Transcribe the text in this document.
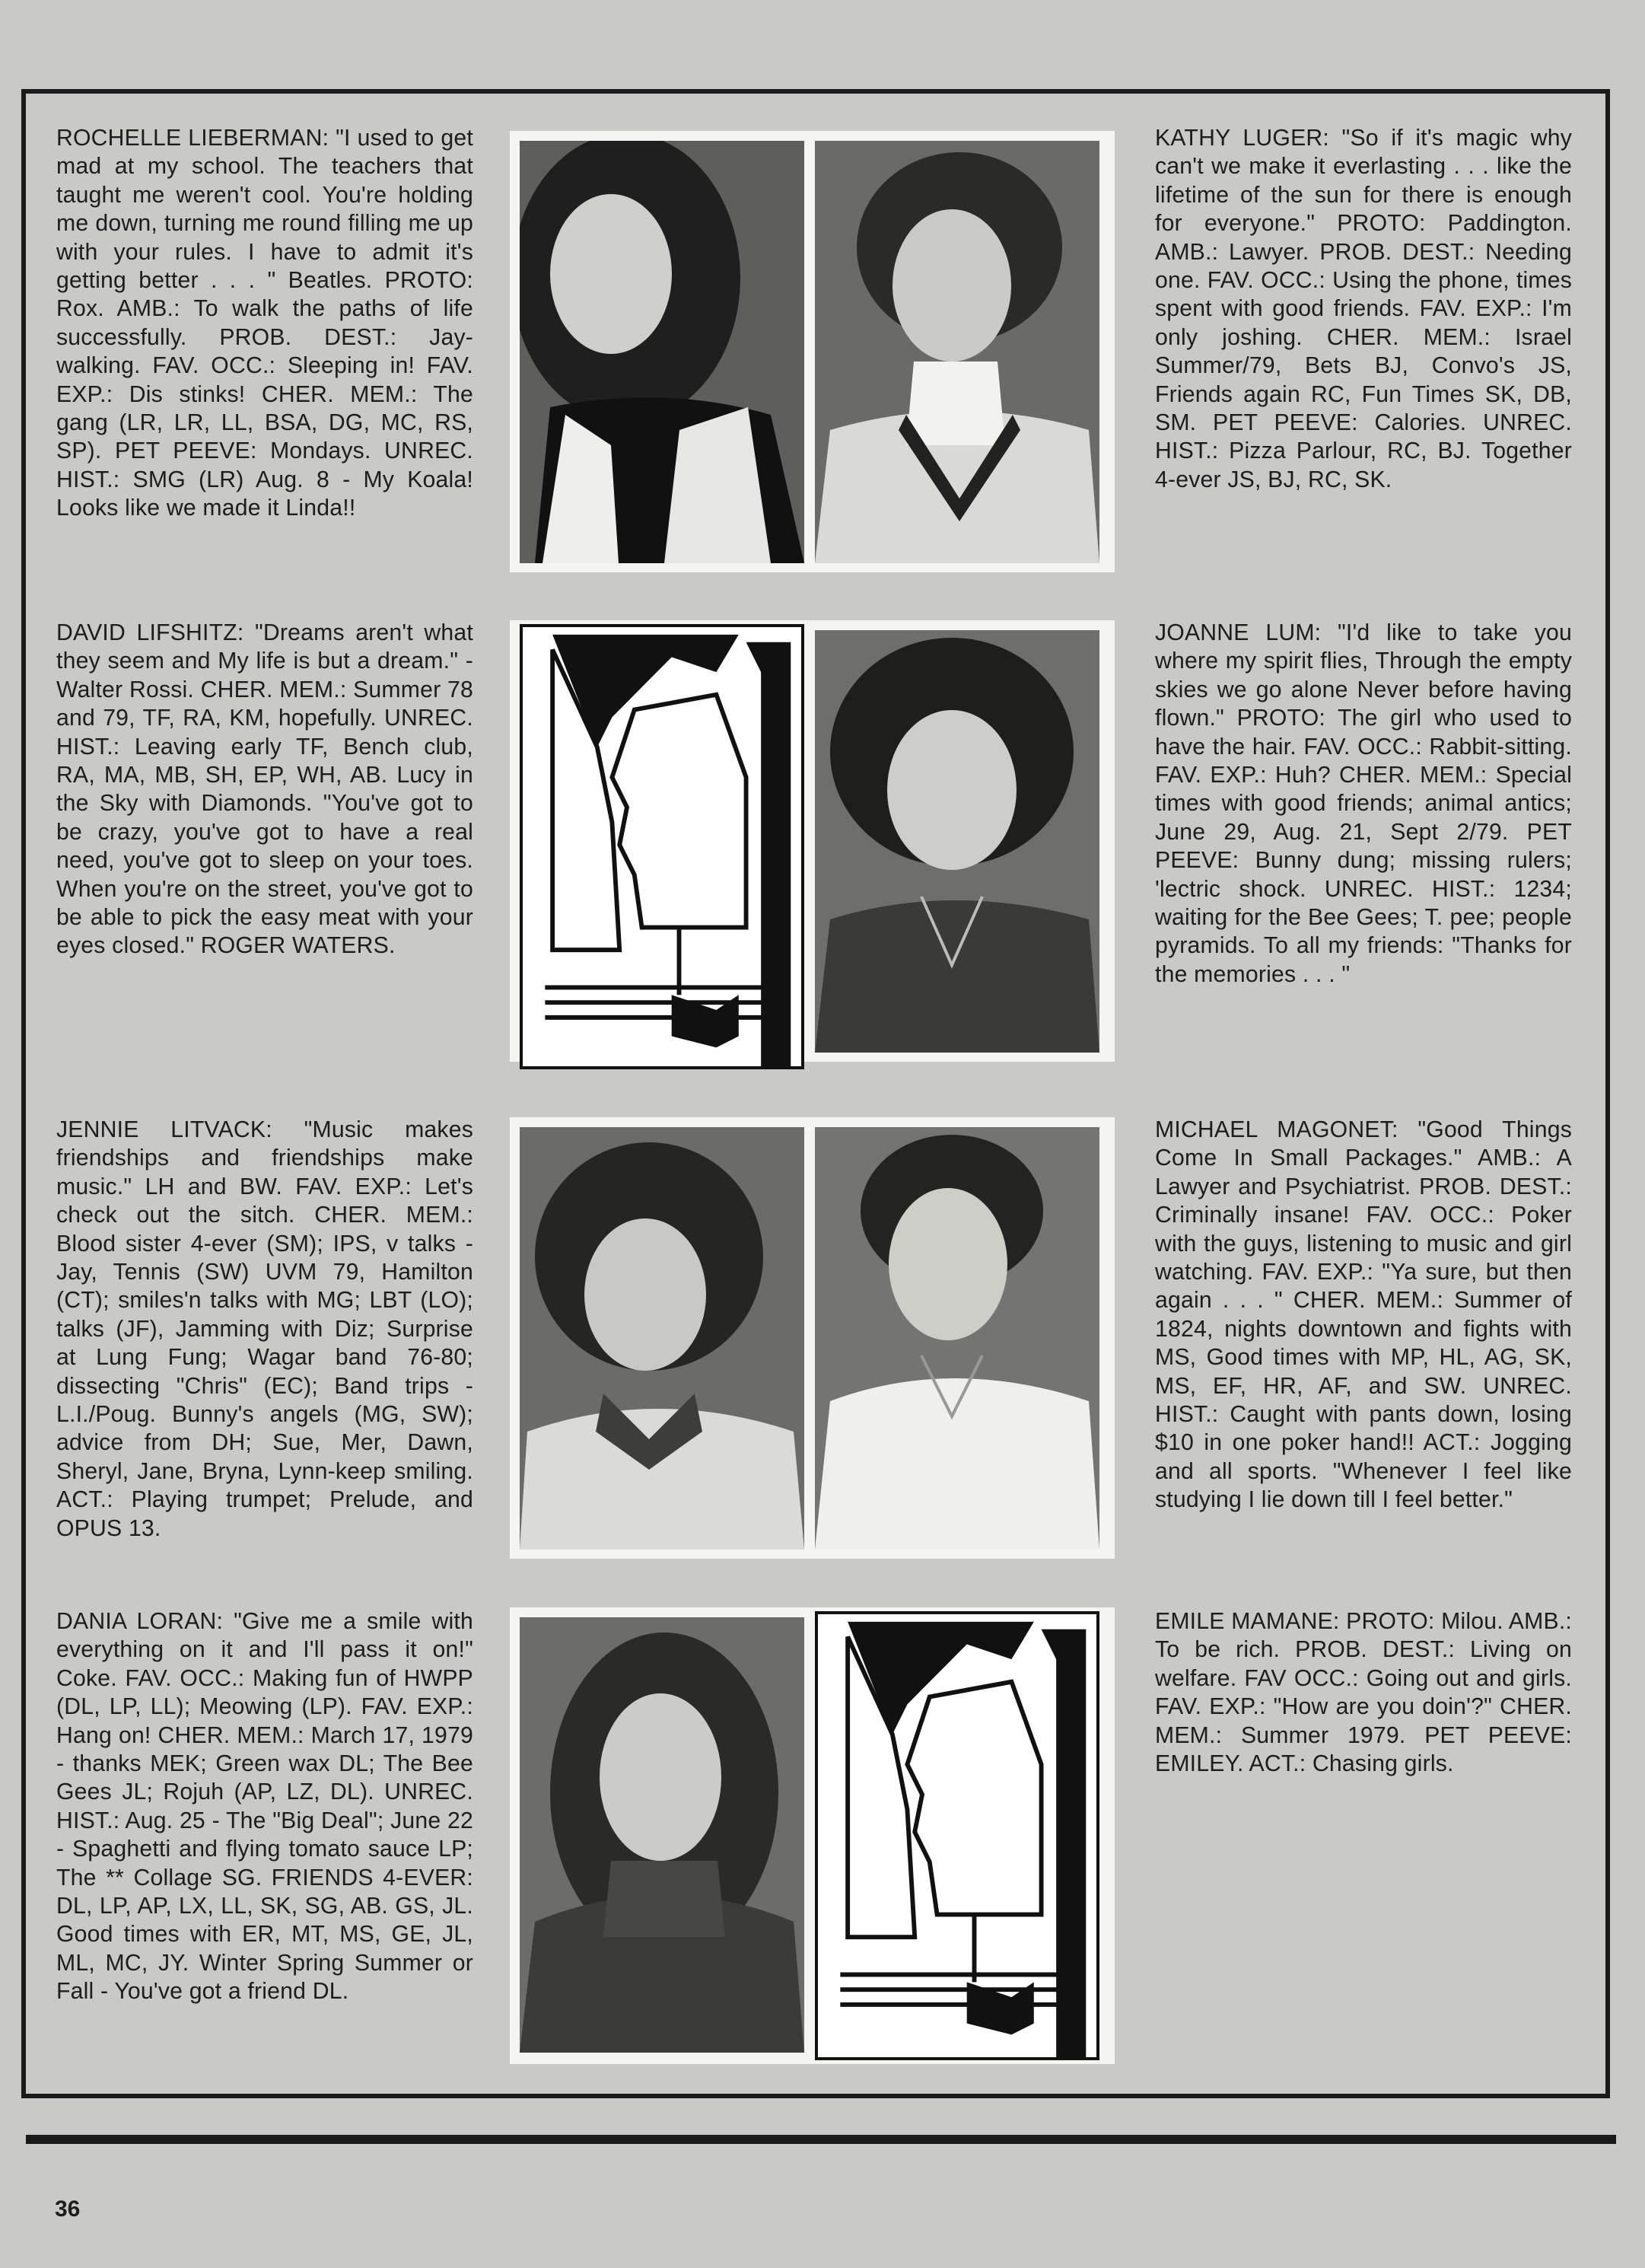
ROCHELLE LIEBERMAN: "I used to get mad at my school. The teachers that taught me weren't cool. You're holding me down, turning me round filling me up with your rules. I have to admit it's getting better . . . " Beatles. PROTO: Rox. AMB.: To walk the paths of life successfully. PROB. DEST.: Jay-walking. FAV. OCC.: Sleeping in! FAV. EXP.: Dis stinks! CHER. MEM.: The gang (LR, LR, LL, BSA, DG, MC, RS, SP). PET PEEVE: Mondays. UNREC. HIST.: SMG (LR) Aug. 8 - My Koala! Looks like we made it Linda!!
KATHY LUGER: "So if it's magic why can't we make it everlasting . . . like the lifetime of the sun for there is enough for everyone." PROTO: Paddington. AMB.: Lawyer. PROB. DEST.: Needing one. FAV. OCC.: Using the phone, times spent with good friends. FAV. EXP.: I'm only joshing. CHER. MEM.: Israel Summer/79, Bets BJ, Convo's JS, Friends again RC, Fun Times SK, DB, SM. PET PEEVE: Calories. UNREC. HIST.: Pizza Parlour, RC, BJ. Together 4-ever JS, BJ, RC, SK.
DAVID LIFSHITZ: "Dreams aren't what they seem and My life is but a dream." - Walter Rossi. CHER. MEM.: Summer 78 and 79, TF, RA, KM, hopefully. UNREC. HIST.: Leaving early TF, Bench club, RA, MA, MB, SH, EP, WH, AB. Lucy in the Sky with Diamonds. "You've got to be crazy, you've got to have a real need, you've got to sleep on your toes. When you're on the street, you've got to be able to pick the easy meat with your eyes closed." ROGER WATERS.
JOANNE LUM: "I'd like to take you where my spirit flies, Through the empty skies we go alone Never before having flown." PROTO: The girl who used to have the hair. FAV. OCC.: Rabbit-sitting. FAV. EXP.: Huh? CHER. MEM.: Special times with good friends; animal antics; June 29, Aug. 21, Sept 2/79. PET PEEVE: Bunny dung; missing rulers; 'lectric shock. UNREC. HIST.: 1234; waiting for the Bee Gees; T. pee; people pyramids. To all my friends: "Thanks for the memories . . . "
JENNIE LITVACK: "Music makes friendships and friendships make music." LH and BW. FAV. EXP.: Let's check out the sitch. CHER. MEM.: Blood sister 4-ever (SM); IPS, v talks - Jay, Tennis (SW) UVM 79, Hamilton (CT); smiles'n talks with MG; LBT (LO); talks (JF), Jamming with Diz; Surprise at Lung Fung; Wagar band 76-80; dissecting "Chris" (EC); Band trips - L.I./Poug. Bunny's angels (MG, SW); advice from DH; Sue, Mer, Dawn, Sheryl, Jane, Bryna, Lynn-keep smiling. ACT.: Playing trumpet; Prelude, and OPUS 13.
MICHAEL MAGONET: "Good Things Come In Small Packages." AMB.: A Lawyer and Psychiatrist. PROB. DEST.: Criminally insane! FAV. OCC.: Poker with the guys, listening to music and girl watching. FAV. EXP.: "Ya sure, but then again . . . " CHER. MEM.: Summer of 1824, nights downtown and fights with MS, Good times with MP, HL, AG, SK, MS, EF, HR, AF, and SW. UNREC. HIST.: Caught with pants down, losing $10 in one poker hand!! ACT.: Jogging and all sports. "Whenever I feel like studying I lie down till I feel better."
DANIA LORAN: "Give me a smile with everything on it and I'll pass it on!" Coke. FAV. OCC.: Making fun of HWPP (DL, LP, LL); Meowing (LP). FAV. EXP.: Hang on! CHER. MEM.: March 17, 1979 - thanks MEK; Green wax DL; The Bee Gees JL; Rojuh (AP, LZ, DL). UNREC. HIST.: Aug. 25 - The "Big Deal"; June 22 - Spaghetti and flying tomato sauce LP; The ** Collage SG. FRIENDS 4-EVER: DL, LP, AP, LX, LL, SK, SG, AB. GS, JL. Good times with ER, MT, MS, GE, JL, ML, MC, JY. Winter Spring Summer or Fall - You've got a friend DL.
EMILE MAMANE: PROTO: Milou. AMB.: To be rich. PROB. DEST.: Living on welfare. FAV OCC.: Going out and girls. FAV. EXP.: "How are you doin'?" CHER. MEM.: Summer 1979. PET PEEVE: EMILEY. ACT.: Chasing girls.
36
